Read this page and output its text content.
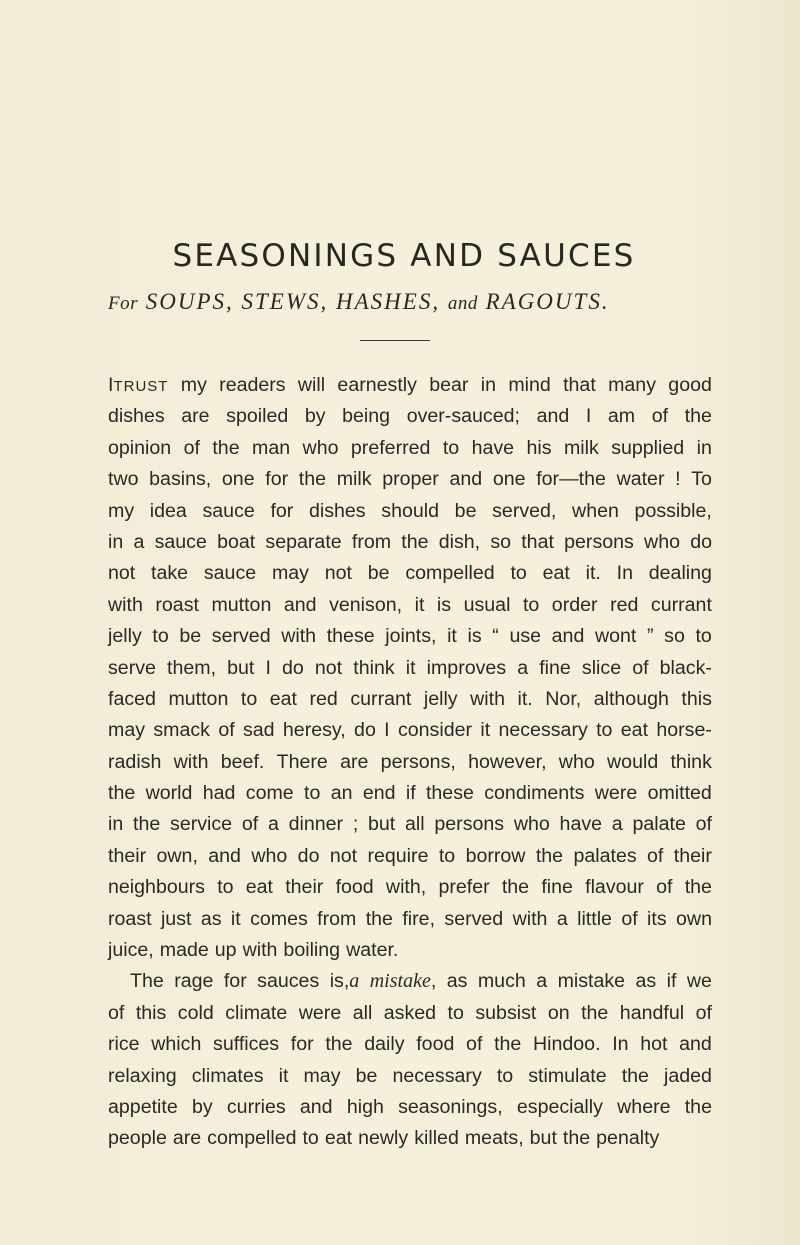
SEASONINGS AND SAUCES
For SOUPS, STEWS, HASHES, and RAGOUTS.
ITRUST my readers will earnestly bear in mind that many good
dishes are spoiled by being over-sauced; and I am of the
opinion of the man who preferred to have his milk supplied in
two basins, one for the milk proper and one for—the water ! To
my idea sauce for dishes should be served, when possible,
in a sauce boat separate from the dish, so that persons who do
not take sauce may not be compelled to eat it. In dealing
with roast mutton and venison, it is usual to order red currant
jelly to be served with these joints, it is “ use and wont ” so to
serve them, but I do not think it improves a fine slice of black-
faced mutton to eat red currant jelly with it. Nor, although this
may smack of sad heresy, do I consider it necessary to eat horse-
radish with beef. There are persons, however, who would think
the world had come to an end if these condiments were omitted
in the service of a dinner ; but all persons who have a palate of
their own, and who do not require to borrow the palates of their
neighbours to eat their food with, prefer the fine flavour of the
roast just as it comes from the fire, served with a little of its own
juice, made up with boiling water.
The rage for sauces is,a mistake, as much a mistake as if we
of this cold climate were all asked to subsist on the handful of
rice which suffices for the daily food of the Hindoo. In hot and
relaxing climates it may be necessary to stimulate the jaded
appetite by curries and high seasonings, especially where the
people are compelled to eat newly killed meats, but the penalty
